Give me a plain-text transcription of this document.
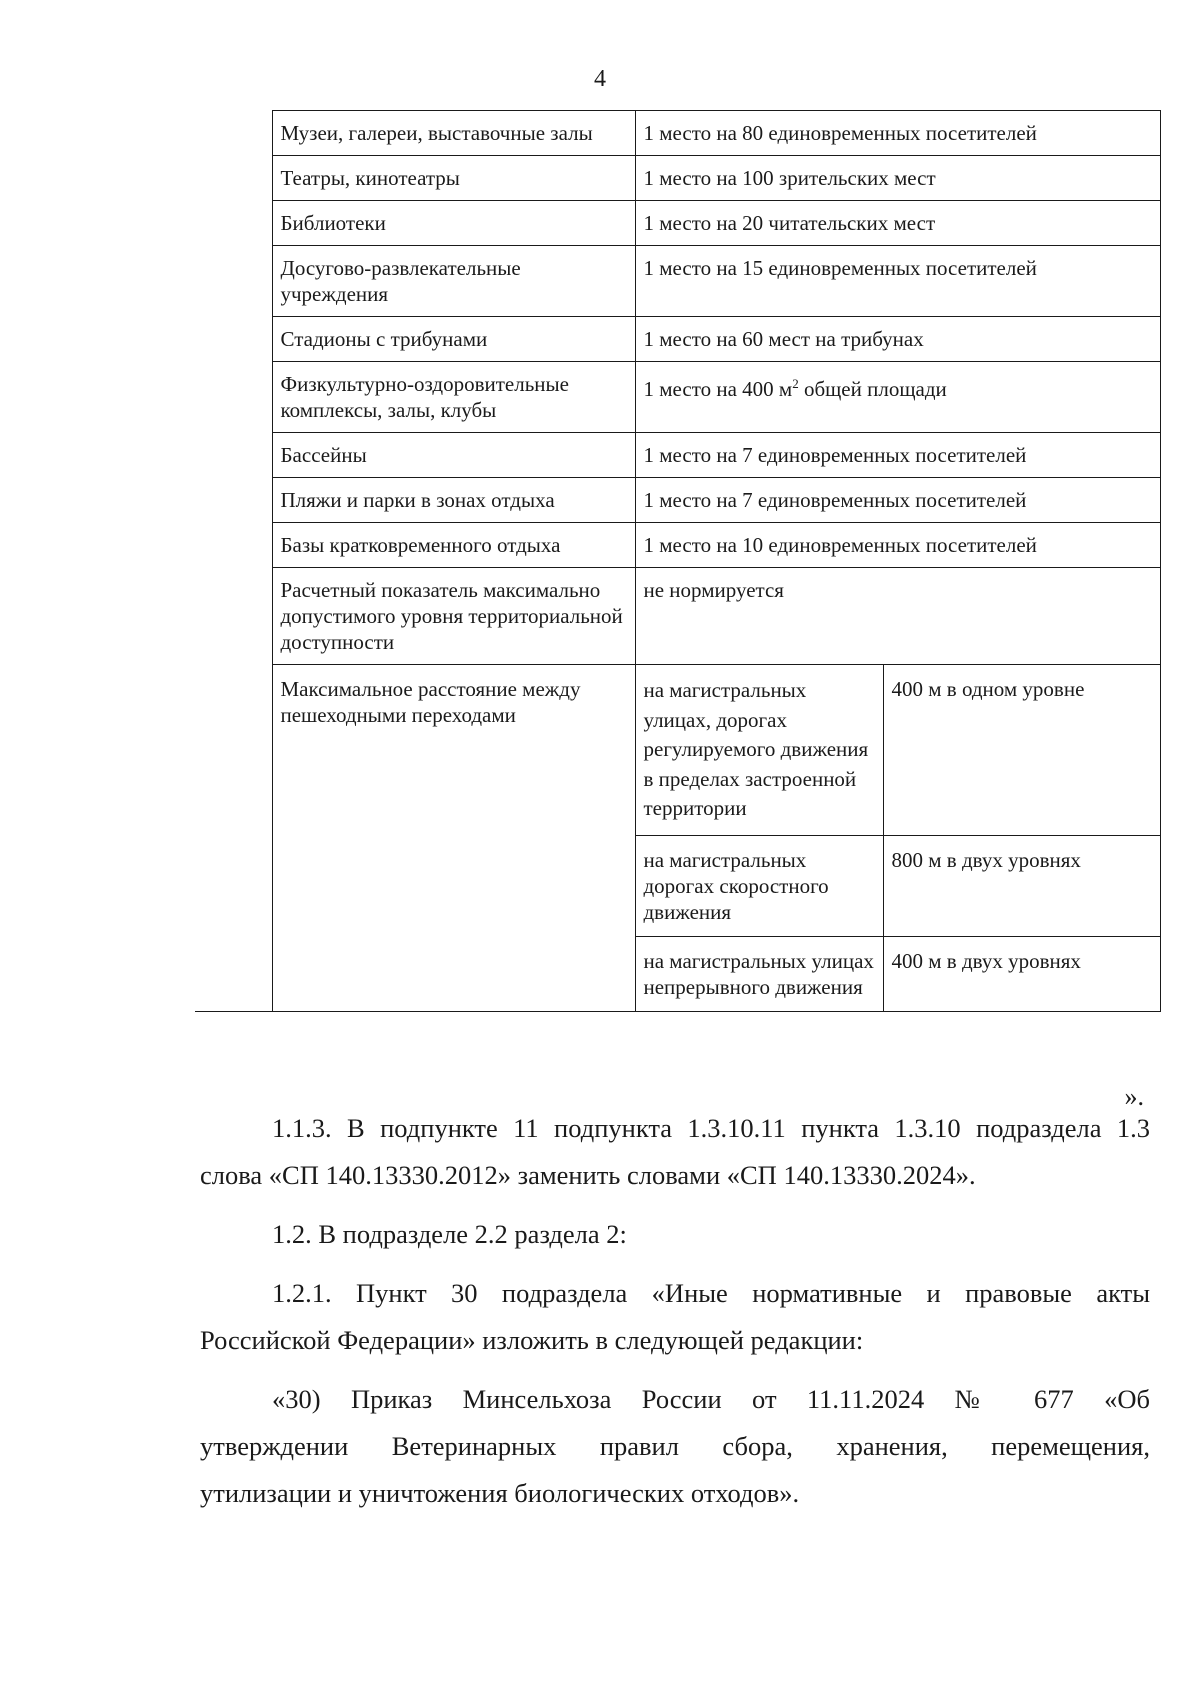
4
	Музеи, галереи, выставочные залы	1 место на 80 единовременных посетителей	
	Театры, кинотеатры	1 место на 100 зрительских мест	
	Библиотеки	1 место на 20 читательских мест	
	Досугово-развлекательные учреждения	1 место на 15 единовременных посетителей	
	Стадионы с трибунами	1 место на 60 мест на трибунах	
	Физкультурно-оздоровительные комплексы, залы, клубы	1 место на 400 $м^2$ общей площади	
	Бассейны	1 место на 7 единовременных посетителей	
	Пляжи и парки в зонах отдыха	1 место на 7 единовременных посетителей	
	Базы кратковременного отдыха	1 место на 10 единовременных посетителей	
	Расчетный показатель максимально допустимого уровня территориальной доступности	не нормируется	
	Максимальное расстояние между пешеходными переходами	на магистральных улицах, дорогах регулируемого движения в пределах застроенной территории	400 м в одном уровне
		на магистральных дорогах скоростного движения	800 м в двух уровнях
		на магистральных улицах непрерывного движения	400 м в двух уровнях
».

1.1.3. В подпункте 11 подпункта 1.3.10.11 пункта 1.3.10 подраздела 1.3

слова «СП 140.13330.2012» заменить словами «СП 140.13330.2024».

1.2. В подразделе 2.2 раздела 2:

1.2.1. Пункт 30 подраздела «Иные нормативные и правовые акты

Российской Федерации» изложить в следующей редакции:

«30) Приказ Минсельхоза России от 11.11.2024 № 677 «Об

утверждении Ветеринарных правил сбора, хранения, перемещения,

утилизации и уничтожения биологических отходов».
